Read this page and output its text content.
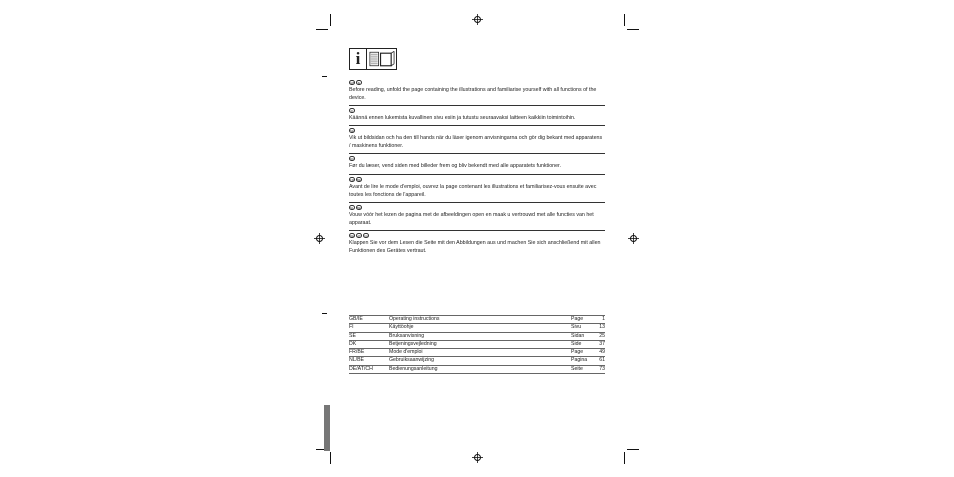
i
GB	IE
Before reading, unfold the page containing the illustrations and familiarise yourself with all functions of the device.
FI
Käännä ennen lukemista kuvallinen sivu esiin ja tutustu seuraavaksi laitteen kaikkiin toimintoihin.
SE
Vik ut bildsidan och ha den till hands när du läser igenom anvisningarna och gör dig bekant med apparatens / maskinens funktioner.
DK
Før du læser, vend siden med billeder frem og bliv bekendt med alle apparatets funktioner.
FR	BE
Avant de lire le mode d'emploi, ouvrez la page contenant les illustrations et familiarisez-vous ensuite avec toutes les fonctions de l'appareil.
NL	BE
Vouw vóór het lezen de pagina met de afbeeldingen open en maak u vertrouwd met alle functies van het apparaat.
DE	AT	CH
Klappen Sie vor dem Lesen die Seite mit den Abbildungen aus und machen Sie sich anschließend mit allen Funktionen des Gerätes vertraut.
GB/IE	Operating instructions	Page	1
FI	Käyttöohje	Sivu	13
SE	Bruksanvisning	Sidan	25
DK	Betjeningsvejledning	Side	37
FR/BE	Mode d'emploi	Page	49
NL/BE	Gebruiksaanwijzing	Pagina	61
DE/AT/CH	Bedienungsanleitung	Seite	73
